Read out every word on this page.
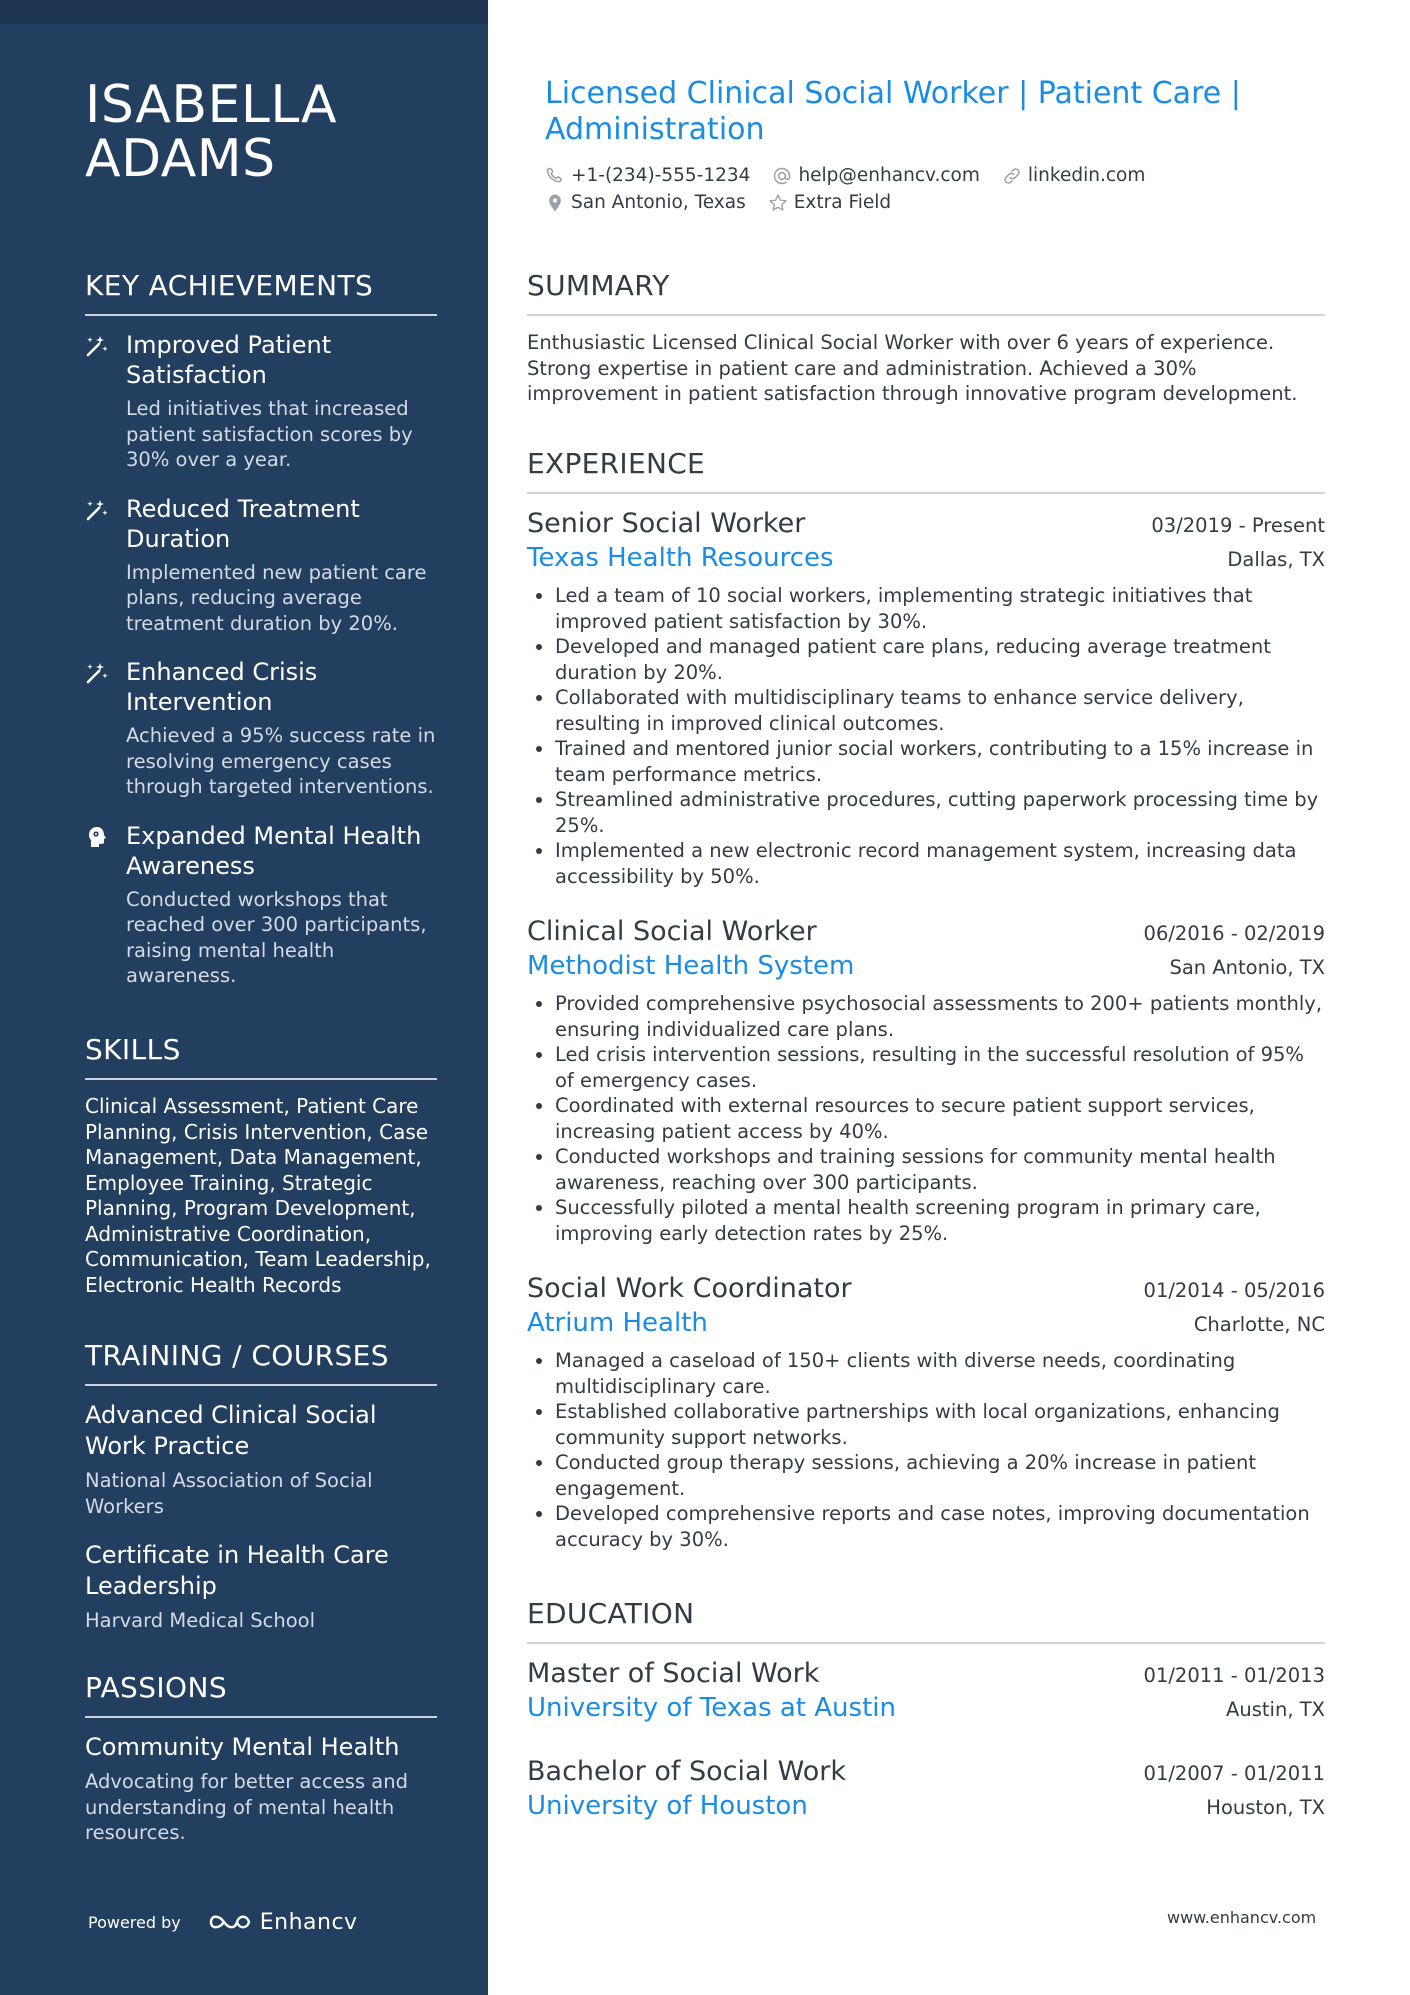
ISABELLA ADAMS
KEY ACHIEVEMENTS
Improved Patient Satisfaction
Led initiatives that increased patient satisfaction scores by 30% over a year.
Reduced Treatment Duration
Implemented new patient care plans, reducing average treatment duration by 20%.
Enhanced Crisis Intervention
Achieved a 95% success rate in resolving emergency cases through targeted interventions.
Expanded Mental Health Awareness
Conducted workshops that reached over 300 participants, raising mental health awareness.
SKILLS
Clinical Assessment, Patient Care Planning, Crisis Intervention, Case Management, Data Management, Employee Training, Strategic Planning, Program Development, Administrative Coordination, Communication, Team Leadership, Electronic Health Records
TRAINING / COURSES
Advanced Clinical Social Work Practice
National Association of Social Workers
Certificate in Health Care Leadership
Harvard Medical School
PASSIONS
Community Mental Health
Advocating for better access and understanding of mental health resources.
Powered by	Enhancv
Licensed Clinical Social Worker | Patient Care | Administration
+1-(234)-555-1234	help@enhancv.com	linkedin.com
San Antonio, Texas	Extra Field
SUMMARY
Enthusiastic Licensed Clinical Social Worker with over 6 years of experience. Strong expertise in patient care and administration. Achieved a 30% improvement in patient satisfaction through innovative program development.
EXPERIENCE
Senior Social Worker	03/2019 - Present
Texas Health Resources	Dallas, TX
Led a team of 10 social workers, implementing strategic initiatives that improved patient satisfaction by 30%.
Developed and managed patient care plans, reducing average treatment duration by 20%.
Collaborated with multidisciplinary teams to enhance service delivery, resulting in improved clinical outcomes.
Trained and mentored junior social workers, contributing to a 15% increase in team performance metrics.
Streamlined administrative procedures, cutting paperwork processing time by 25%.
Implemented a new electronic record management system, increasing data accessibility by 50%.
Clinical Social Worker	06/2016 - 02/2019
Methodist Health System	San Antonio, TX
Provided comprehensive psychosocial assessments to 200+ patients monthly, ensuring individualized care plans.
Led crisis intervention sessions, resulting in the successful resolution of 95% of emergency cases.
Coordinated with external resources to secure patient support services, increasing patient access by 40%.
Conducted workshops and training sessions for community mental health awareness, reaching over 300 participants.
Successfully piloted a mental health screening program in primary care, improving early detection rates by 25%.
Social Work Coordinator	01/2014 - 05/2016
Atrium Health	Charlotte, NC
Managed a caseload of 150+ clients with diverse needs, coordinating multidisciplinary care.
Established collaborative partnerships with local organizations, enhancing community support networks.
Conducted group therapy sessions, achieving a 20% increase in patient engagement.
Developed comprehensive reports and case notes, improving documentation accuracy by 30%.
EDUCATION
Master of Social Work	01/2011 - 01/2013
University of Texas at Austin	Austin, TX
Bachelor of Social Work	01/2007 - 01/2011
University of Houston	Houston, TX
www.enhancv.com
